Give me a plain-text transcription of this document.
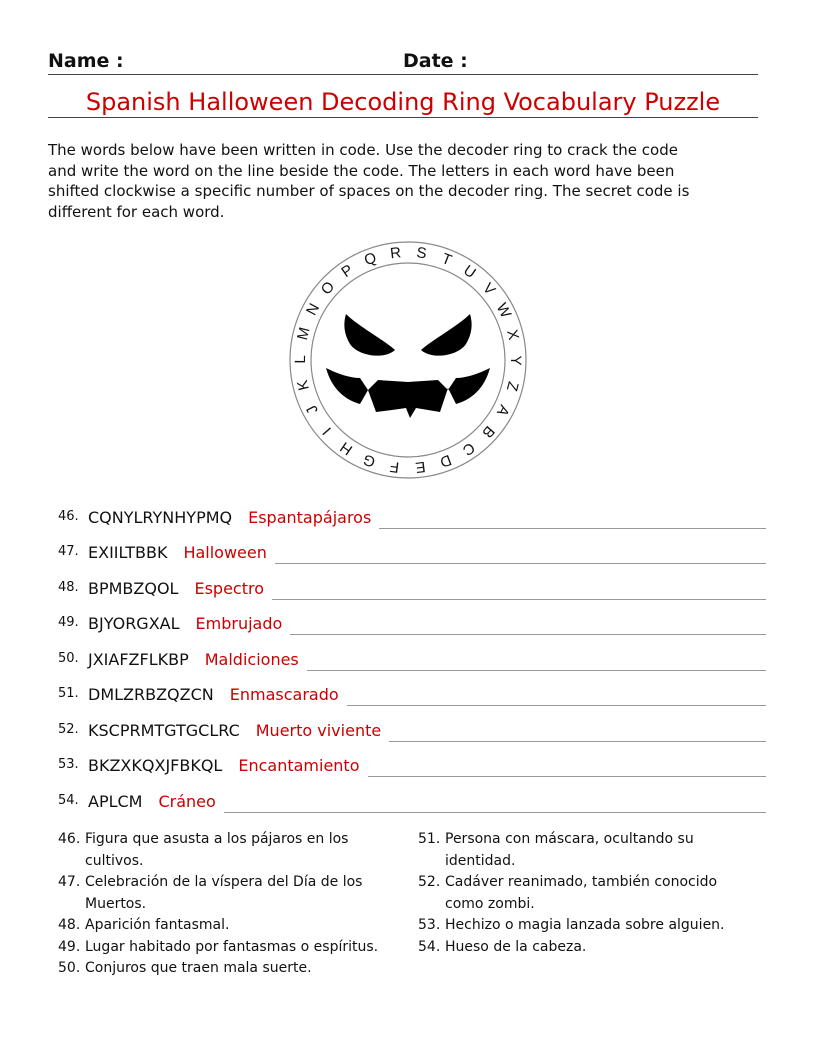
Name :	Date :
Spanish Halloween Decoding Ring Vocabulary Puzzle
The words below have been written in code. Use the decoder ring to crack the code and write the word on the line beside the code. The letters in each word have been shifted clockwise a specific number of spaces on the decoder ring. The secret code is different for each word.
A
B
C
D
E
F
G
H
I
J
K
L
M
N
O
P
Q R S T
U
V
W
X
Y
Z
46. CQNYLRYNHYPMQ Espantapájaros
47. EXIILTBBK Halloween
48. BPMBZQOL Espectro
49. BJYORGXAL Embrujado
50. JXIAFZFLKBP Maldiciones
51. DMLZRBZQZCN Enmascarado
52. KSCPRMTGTGCLRC Muerto viviente
53. BKZXKQXJFBKQL Encantamiento
54. APLCM Cráneo
46. Figura que asusta a los pájaros en los cultivos.
47. Celebración de la víspera del Día de los Muertos.
48. Aparición fantasmal.
49. Lugar habitado por fantasmas o espíritus.
50. Conjuros que traen mala suerte.
51. Persona con máscara, ocultando su identidad.
52. Cadáver reanimado, también conocido como zombi.
53. Hechizo o magia lanzada sobre alguien.
54. Hueso de la cabeza.
